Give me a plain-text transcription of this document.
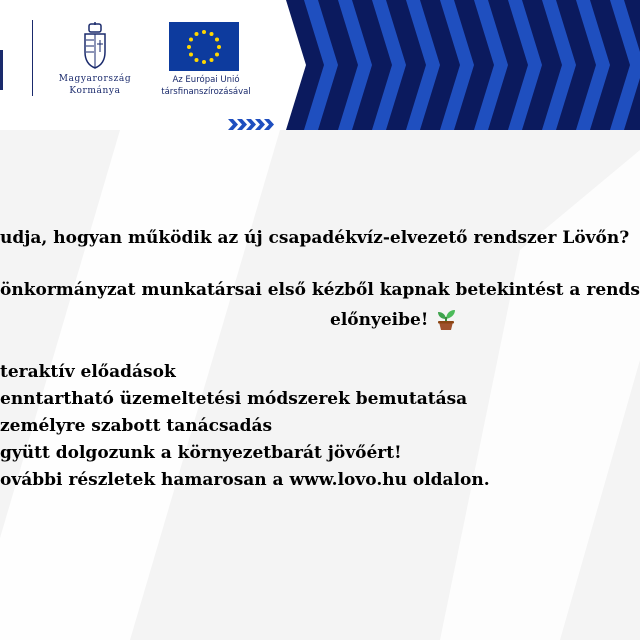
Magyarország
Kormánya
Az Európai Unió
társfinanszírozásával
udja, hogyan működik az új csapadékvíz-elvezető rendszer Lövőn?
önkormányzat munkatársai első kézből kapnak betekintést a rends
előnyeibe!
teraktív előadások
enntartható üzemeltetési módszerek bemutatása
zemélyre szabott tanácsadás
gyütt dolgozunk a környezetbarát jövőért!
ovábbi részletek hamarosan a www.lovo.hu oldalon.
